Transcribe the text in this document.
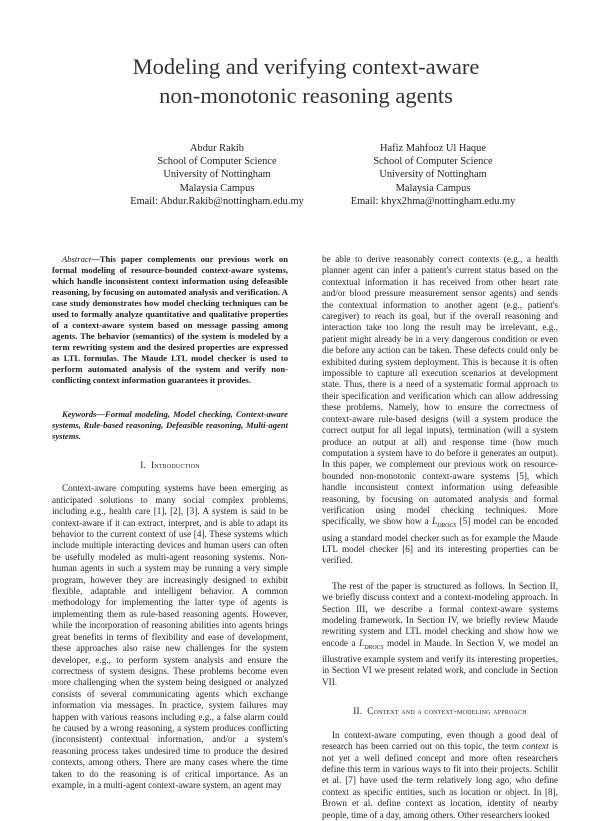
Modeling and verifying context-aware
non-monotonic reasoning agents
Abdur Rakib
School of Computer Science
University of Nottingham
Malaysia Campus
Email: Abdur.Rakib@nottingham.edu.my
Hafiz Mahfooz Ul Haque
School of Computer Science
University of Nottingham
Malaysia Campus
Email: khyx2hma@nottingham.edu.my

Abstract—This paper complements our previous work on formal modeling of resource-bounded context-aware systems, which handle inconsistent context information using defeasible reasoning, by focusing on automated analysis and verification. A case study demonstrates how model checking techniques can be used to formally analyze quantitative and qualitative properties of a context-aware system based on message passing among agents. The behavior (semantics) of the system is modeled by a term rewriting system and the desired properties are expressed as LTL formulas. The Maude LTL model checker is used to perform automated analysis of the system and verify non-conflicting context information guarantees it provides.

Keywords—Formal modeling, Model checking, Context-aware systems, Rule-based reasoning, Defeasible reasoning, Multi-agent systems.

I. Introduction

Context-aware computing systems have been emerging as anticipated solutions to many social complex problems, including e.g., health care [1], [2], [3]. A system is said to be context-aware if it can extract, interpret, and is able to adapt its behavior to the current context of use [4]. These systems which include multiple interacting devices and human users can often be usefully modeled as multi-agent reasoning systems. Non-human agents in such a system may be running a very simple program, however they are increasingly designed to exhibit flexible, adaptable and intelligent behavior. A common methodology for implementing the latter type of agents is implementing them as rule-based reasoning agents. However, while the incorporation of reasoning abilities into agents brings great benefits in terms of flexibility and ease of development, these approaches also raise new challenges for the system developer, e.g., to perform system analysis and ensure the correctness of system designs. These problems become even more challenging when the system being designed or analyzed consists of several communicating agents which exchange information via messages. In practice, system failures may happen with various reasons including e.g., a false alarm could be caused by a wrong reasoning, a system produces conflicting (inconsistent) contextual information, and/or a system's reasoning process takes undesired time to produce the desired contexts, among others. There are many cases where the time taken to do the reasoning is of critical importance. As an example, in a multi-agent context-aware system, an agent may

be able to derive reasonably correct contexts (e.g., a health planner agent can infer a patient's current status based on the contextual information it has received from other heart rate and/or blood pressure measurement sensor agents) and sends the contextual information to another agent (e.g., patient's caregiver) to reach its goal, but if the overall reasoning and interaction take too long the result may be irrelevant, e.g., patient might already be in a very dangerous condition or even die before any action can be taken. These defects could only be exhibited during system deployment. This is because it is often impossible to capture all execution scenarios at development state. Thus, there is a need of a systematic formal approach to their specification and verification which can allow addressing these problems. Namely, how to ensure the correctness of context-aware rule-based designs (will a system produce the correct output for all legal inputs), termination (will a system produce an output at all) and response time (how much computation a system have to do before it generates an output). In this paper, we complement our previous work on resource-bounded non-monotonic context-aware systems [5], which handle inconsistent context information using defeasible reasoning, by focusing on automated analysis and formal verification using model checking techniques. More specifically, we show how a $L_{DROCS}$ [5] model can be encoded using a standard model checker such as for example the Maude LTL model checker [6] and its interesting properties can be verified.

The rest of the paper is structured as follows. In Section II, we briefly discuss context and a context-modeling approach. In Section III, we describe a formal context-aware systems modeling framework. In Section IV, we briefly review Maude rewriting system and LTL model checking and show how we encode a $L_{DROCS}$ model in Maude. In Section V, we model an illustrative example system and verify its interesting properties, in Section VI we present related work, and conclude in Section VII.

II. Context and a context-modeling approach

In context-aware computing, even though a good deal of research has been carried out on this topic, the term context is not yet a well defined concept and more often researchers define this term in various ways to fit into their projects. Schilit et al. [7] have used the term relatively long ago, who define context as specific entities, such as location or object. In [8], Brown et al. define context as location, identity of nearby people, time of a day, among others. Other researchers looked
